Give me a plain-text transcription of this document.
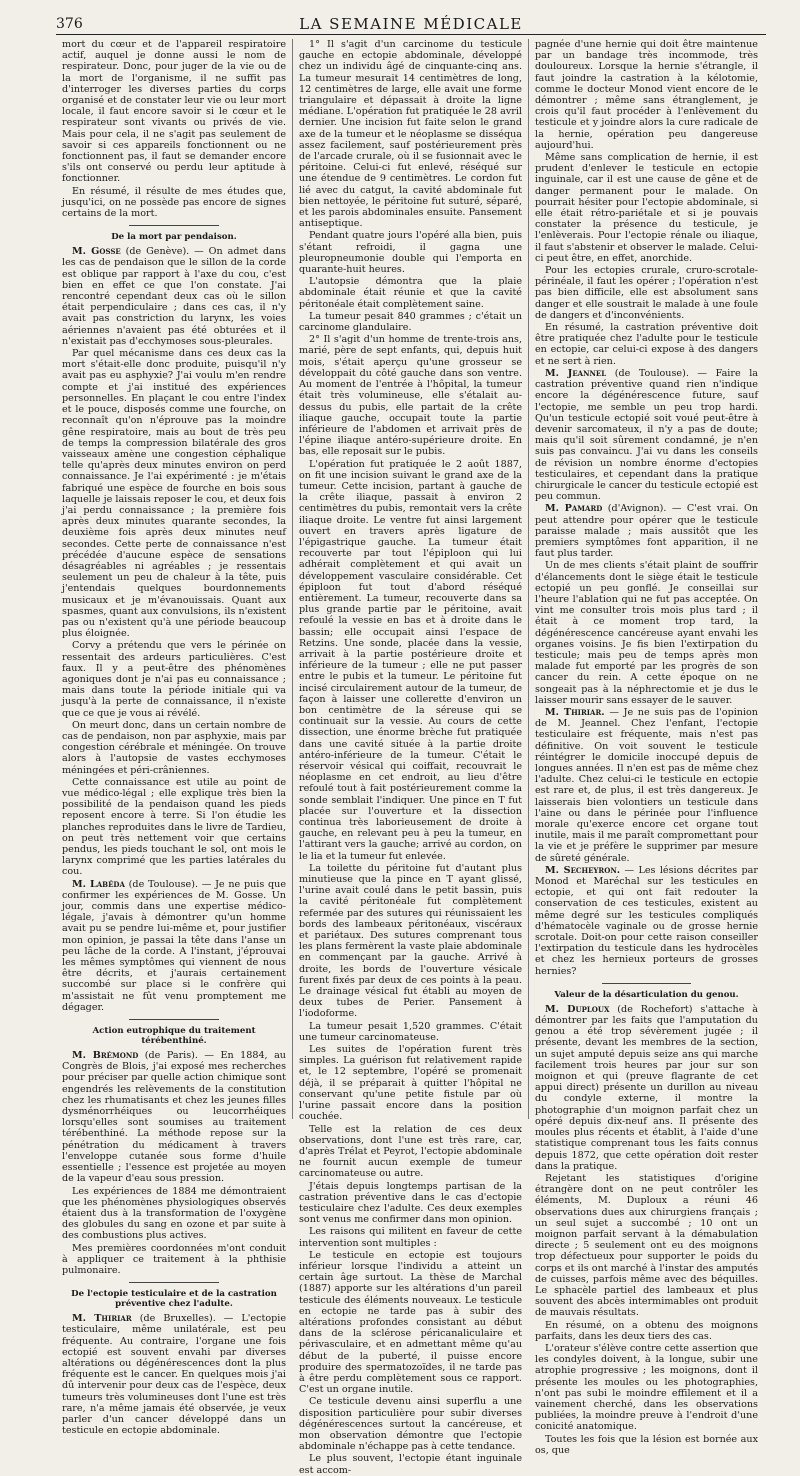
376	LA SEMAINE MÉDICALE

mort du cœur et de l'appareil respiratoire actif, auquel je donne aussi le nom de respirateur. Donc, pour juger de la vie ou de la mort de l'organisme, il ne suffit pas d'interroger les diverses parties du corps organisé et de constater leur vie ou leur mort locale, il faut encore savoir si le cœur et le respirateur sont vivants ou privés de vie. Mais pour cela, il ne s'agit pas seulement de savoir si ces appareils fonctionnent ou ne fonctionnent pas, il faut se demander encore s'ils ont conservé ou perdu leur aptitude à fonctionner.

En résumé, il résulte de mes études que, jusqu'ici, on ne possède pas encore de signes certains de la mort.

De la mort par pendaison.

M. Gosse (de Genève). — On admet dans les cas de pendaison que le sillon de la corde est oblique par rapport à l'axe du cou, c'est bien en effet ce que l'on constate. J'ai rencontré cependant deux cas où le sillon était perpendiculaire ; dans ces cas, il n'y avait pas constriction du larynx, les voies aériennes n'avaient pas été obturées et il n'existait pas d'ecchymoses sous-pleurales.

Par quel mécanisme dans ces deux cas la mort s'était-elle donc produite, puisqu'il n'y avait pas eu asphyxie? J'ai voulu m'en rendre compte et j'ai institué des expériences personnelles. En plaçant le cou entre l'index et le pouce, disposés comme une fourche, on reconnaît qu'on n'éprouve pas la moindre gêne respiratoire, mais au bout de très peu de temps la compression bilatérale des gros vaisseaux amène une congestion céphalique telle qu'après deux minutes environ on perd connaissance. Je l'ai expérimenté : je m'étais fabriqué une espèce de fourche en bois sous laquelle je laissais reposer le cou, et deux fois j'ai perdu connaissance ; la première fois après deux minutes quarante secondes, la deuxième fois après deux minutes neuf secondes. Cette perte de connaissance n'est précédée d'aucune espèce de sensations désagréables ni agréables ; je ressentais seulement un peu de chaleur à la tête, puis j'entendais quelques bourdonnements musicaux et je m'évanouissais. Quant aux spasmes, quant aux convulsions, ils n'existent pas ou n'existent qu'à une période beaucoup plus éloignée.

Corvy a prétendu que vers le périnée on ressentait des ardeurs particulières. C'est faux. Il y a peut-être des phénomènes agoniques dont je n'ai pas eu connaissance ; mais dans toute la période initiale qui va jusqu'à la perte de connaissance, il n'existe que ce que je vous ai révélé.

On meurt donc, dans un certain nombre de cas de pendaison, non par asphyxie, mais par congestion cérébrale et méningée. On trouve alors à l'autopsie de vastes ecchymoses méningées et péri-crâniennes.

Cette connaissance est utile au point de vue médico-légal ; elle explique très bien la possibilité de la pendaison quand les pieds reposent encore à terre. Si l'on étudie les planches reproduites dans le livre de Tardieu, on peut très nettement voir que certains pendus, les pieds touchant le sol, ont mois le larynx comprimé que les parties latérales du cou.

M. Labéda (de Toulouse). — Je ne puis que confirmer les expériences de M. Gosse. Un jour, commis dans une expertise médico-légale, j'avais à démontrer qu'un homme avait pu se pendre lui-même et, pour justifier mon opinion, je passai la tête dans l'anse un peu lâche de la corde. A l'instant, j'éprouvai les mêmes symptômes qui viennent de nous être décrits, et j'aurais certainement succombé sur place si le confrère qui m'assistait ne fût venu promptement me dégager.

Action eutrophique du traitement térébenthiné.

M. Brémond (de Paris). — En 1884, au Congrès de Blois, j'ai exposé mes recherches pour préciser par quelle action chimique sont engendrés les relèvements de la constitution chez les rhumatisants et chez les jeunes filles dysménorrhéiques ou leucorrhéiques lorsqu'elles sont soumises au traitement térébenthiné. La méthode repose sur la pénétration du médicament à travers l'enveloppe cutanée sous forme d'huile essentielle ; l'essence est projetée au moyen de la vapeur d'eau sous pression.

Les expériences de 1884 me démontraient que les phénomènes physiologiques observés étaient dus à la transformation de l'oxygène des globules du sang en ozone et par suite à des combustions plus actives.

Mes premières coordonnées m'ont conduit à appliquer ce traitement à la phthisie pulmonaire.

De l'ectopie testiculaire et de la castration préventive chez l'adulte.

M. Thiriar (de Bruxelles). — L'ectopie testiculaire, même unilatérale, est peu fréquente. Au contraire, l'organe une fois ectopié est souvent envahi par diverses altérations ou dégénérescences dont la plus fréquente est le cancer. En quelques mois j'ai dû intervenir pour deux cas de l'espèce, deux tumeurs très volumineuses dont l'une est très rare, n'a même jamais été observée, je veux parler d'un cancer développé dans un testicule en ectopie abdominale.

1° Il s'agit d'un carcinome du testicule gauche en ectopie abdominale, développé chez un individu âgé de cinquante-cinq ans. La tumeur mesurait 14 centimètres de long, 12 centimètres de large, elle avait une forme triangulaire et dépassait à droite la ligne médiane. L'opération fut pratiquée le 28 avril dernier. Une incision fut faite selon le grand axe de la tumeur et le néoplasme se disséqua assez facilement, sauf postérieurement près de l'arcade crurale, où il se fusionnait avec le péritoine. Celui-ci fut enlevé, réséqué sur une étendue de 9 centimètres. Le cordon fut lié avec du catgut, la cavité abdominale fut bien nettoyée, le péritoine fut suturé, séparé, et les parois abdominales ensuite. Pansement antiseptique.

Pendant quatre jours l'opéré alla bien, puis s'étant refroidi, il gagna une pleuropneumonie double qui l'emporta en quarante-huit heures.

L'autopsie démontra que la plaie abdominale était réunie et que la cavité péritonéale était complètement saine.

La tumeur pesait 840 grammes ; c'était un carcinome glandulaire.

2° Il s'agit d'un homme de trente-trois ans, marié, père de sept enfants, qui, depuis huit mois, s'était aperçu qu'une grosseur se développait du côté gauche dans son ventre. Au moment de l'entrée à l'hôpital, la tumeur était très volumineuse, elle s'étalait au-dessus du pubis, elle partait de la crête iliaque gauche, occupait toute la partie inférieure de l'abdomen et arrivait près de l'épine iliaque antéro-supérieure droite. En bas, elle reposait sur le pubis.

L'opération fut pratiquée le 2 août 1887, on fit une incision suivant le grand axe de la tumeur. Cette incision, partant à gauche de la crête iliaque, passait à environ 2 centimètres du pubis, remontait vers la crête iliaque droite. Le ventre fut ainsi largement ouvert en travers après ligature de l'épigastrique gauche. La tumeur était recouverte par tout l'épiploon qui lui adhérait complètement et qui avait un développement vasculaire considérable. Cet épiploon fut tout d'abord réséqué entièrement. La tumeur, recouverte dans sa plus grande partie par le péritoine, avait refoulé la vessie en bas et à droite dans le bassin; elle occupait ainsi l'espace de Retzins. Une sonde, placée dans la vessie, arrivait à la partie postérieure droite et inférieure de la tumeur ; elle ne put passer entre le pubis et la tumeur. Le péritoine fut incisé circulairement autour de la tumeur, de façon à laisser une collerette d'environ un bon centimètre de la séreuse qui se continuait sur la vessie. Au cours de cette dissection, une énorme brèche fut pratiquée dans une cavité située à la partie droite antéro-inférieure de la tumeur. C'était le réservoir vésical qui coiffait, recouvrait le néoplasme en cet endroit, au lieu d'être refoulé tout à fait postérieurement comme la sonde semblait l'indiquer. Une pince en T fut placée sur l'ouverture et la dissection continua très laborieusement de droite à gauche, en relevant peu à peu la tumeur, en l'attirant vers la gauche; arrivé au cordon, on le lia et la tumeur fut enlevée.

La toilette du péritoine fut d'autant plus minutieuse que la pince en T ayant glissé, l'urine avait coulé dans le petit bassin, puis la cavité péritonéale fut complètement refermée par des sutures qui réunissaient les bords des lambeaux péritonéaux, viscéraux et pariétaux. Des sutures comprenant tous les plans fermèrent la vaste plaie abdominale en commençant par la gauche. Arrivé à droite, les bords de l'ouverture vésicale furent fixés par deux de ces points à la peau. Le drainage vésical fut établi au moyen de deux tubes de Perier. Pansement à l'iodoforme.

La tumeur pesait 1,520 grammes. C'était une tumeur carcinomateuse.

Les suites de l'opération furent très simples. La guérison fut relativement rapide et, le 12 septembre, l'opéré se promenait déjà, il se préparait à quitter l'hôpital ne conservant qu'une petite fistule par où l'urine passait encore dans la position couchée.

Telle est la relation de ces deux observations, dont l'une est très rare, car, d'après Trélat et Peyrot, l'ectopie abdominale ne fournit aucun exemple de tumeur carcinomateuse ou autre.

J'étais depuis longtemps partisan de la castration préventive dans le cas d'ectopie testiculaire chez l'adulte. Ces deux exemples sont venus me confirmer dans mon opinion.

Les raisons qui militent en faveur de cette intervention sont multiples :

Le testicule en ectopie est toujours inférieur lorsque l'individu a atteint un certain âge surtout. La thèse de Marchal (1887) apporte sur les altérations d'un pareil testicule des éléments nouveaux. Le testicule en ectopie ne tarde pas à subir des altérations profondes consistant au début dans de la sclérose péricanaliculaire et périvasculaire, et en admettant même qu'au début de la puberté, il puisse encore produire des spermatozoïdes, il ne tarde pas à être perdu complètement sous ce rapport. C'est un organe inutile.

Ce testicule devenu ainsi superflu a une disposition particulière pour subir diverses dégénérescences surtout la cancéreuse, et mon observation démontre que l'ectopie abdominale n'échappe pas à cette tendance.

Le plus souvent, l'ectopie étant inguinale est accom-

pagnée d'une hernie qui doit être maintenue par un bandage très incommode, très douloureux. Lorsque la hernie s'étrangle, il faut joindre la castration à la kélotomie, comme le docteur Monod vient encore de le démontrer ; même sans étranglement, je crois qu'il faut procéder à l'enlèvement du testicule et y joindre alors la cure radicale de la hernie, opération peu dangereuse aujourd'hui.

Même sans complication de hernie, il est prudent d'enlever le testicule en ectopie inguinale, car il est une cause de gêne et de danger permanent pour le malade. On pourrait hésiter pour l'ectopie abdominale, si elle était rétro-pariétale et si je pouvais constater la présence du testicule, je l'enlèverais. Pour l'ectopie rénale ou iliaque, il faut s'abstenir et observer le malade. Celui-ci peut être, en effet, anorchide.

Pour les ectopies crurale, cruro-scrotale-périnéale, il faut les opérer ; l'opération n'est pas bien difficile, elle est absolument sans danger et elle soustrait le malade à une foule de dangers et d'inconvénients.

En résumé, la castration préventive doit être pratiquée chez l'adulte pour le testicule en ectopie, car celui-ci expose à des dangers et ne sert à rien.

M. Jeannel (de Toulouse). — Faire la castration préventive quand rien n'indique encore la dégénérescence future, sauf l'ectopie, me semble un peu trop hardi. Qu'un testicule ectopié soit voué peut-être à devenir sarcomateux, il n'y a pas de doute; mais qu'il soit sûrement condamné, je n'en suis pas convaincu. J'ai vu dans les conseils de révision un nombre énorme d'ectopies testiculaires, et cependant dans la pratique chirurgicale le cancer du testicule ectopié est peu commun.

M. Pamard (d'Avignon). — C'est vrai. On peut attendre pour opérer que le testicule paraisse malade ; mais aussitôt que les premiers symptômes font apparition, il ne faut plus tarder.

Un de mes clients s'était plaint de souffrir d'élancements dont le siège était le testicule ectopié un peu gonflé. Je conseillai sur l'heure l'ablation qui ne fut pas acceptée. On vint me consulter trois mois plus tard ; il était à ce moment trop tard, la dégénérescence cancéreuse ayant envahi les organes voisins. Je fis bien l'extirpation du testicule; mais peu de temps après mon malade fut emporté par les progrès de son cancer du rein. A cette époque on ne songeait pas à la néphrectomie et je dus le laisser mourir sans essayer de le sauver.

M. Thiriar. — Je ne suis pas de l'opinion de M. Jeannel. Chez l'enfant, l'ectopie testiculaire est fréquente, mais n'est pas définitive. On voit souvent le testicule réintégrer le domicile inoccupé depuis de longues années. Il n'en est pas de même chez l'adulte. Chez celui-ci le testicule en ectopie est rare et, de plus, il est très dangereux. Je laisserais bien volontiers un testicule dans l'aine ou dans le périnée pour l'influence morale qu'exerce encore cet organe tout inutile, mais il me paraît compromettant pour la vie et je préfère le supprimer par mesure de sûreté générale.

M. Secheyron. — Les lésions décrites par Monod et Maréchal sur les testicules en ectopie, et qui ont fait redouter la conservation de ces testicules, existent au même degré sur les testicules compliqués d'hématocèle vaginale ou de grosse hernie scrotale. Doit-on pour cette raison conseiller l'extirpation du testicule dans les hydrocèles et chez les hernieux porteurs de grosses hernies?

Valeur de la désarticulation du genou.

M. Duploux (de Rochefort) s'attache à démontrer par les faits que l'amputation du genou a été trop sévèrement jugée ; il présente, devant les membres de la section, un sujet amputé depuis seize ans qui marche facilement trois heures par jour sur son moignon et qui (preuve flagrante de cet appui direct) présente un durillon au niveau du condyle externe, il montre la photographie d'un moignon parfait chez un opéré depuis dix-neuf ans. Il présente des moules plus récents et établit, à l'aide d'une statistique comprenant tous les faits connus depuis 1872, que cette opération doit rester dans la pratique.

Rejetant les statistiques d'origine étrangère dont on ne peut contrôler les éléments, M. Duploux a réuni 46 observations dues aux chirurgiens français ; un seul sujet a succombé ; 10 ont un moignon parfait servant à la démabulation directe ; 5 seulement ont eu des moignons trop défectueux pour supporter le poids du corps et ils ont marché à l'instar des amputés de cuisses, parfois même avec des béquilles. Le sphacèle partiel des lambeaux et plus souvent des abcès intermimables ont produit de mauvais résultats.

En résumé, on a obtenu des moignons parfaits, dans les deux tiers des cas.

L'orateur s'élève contre cette assertion que les condyles doivent, à la longue, subir une atrophie progressive ; les moignons, dont il présente les moules ou les photographies, n'ont pas subi le moindre effilement et il a vainement cherché, dans les observations publiées, la moindre preuve à l'endroit d'une conicité anatomique.

Toutes les fois que la lésion est bornée aux os, que
